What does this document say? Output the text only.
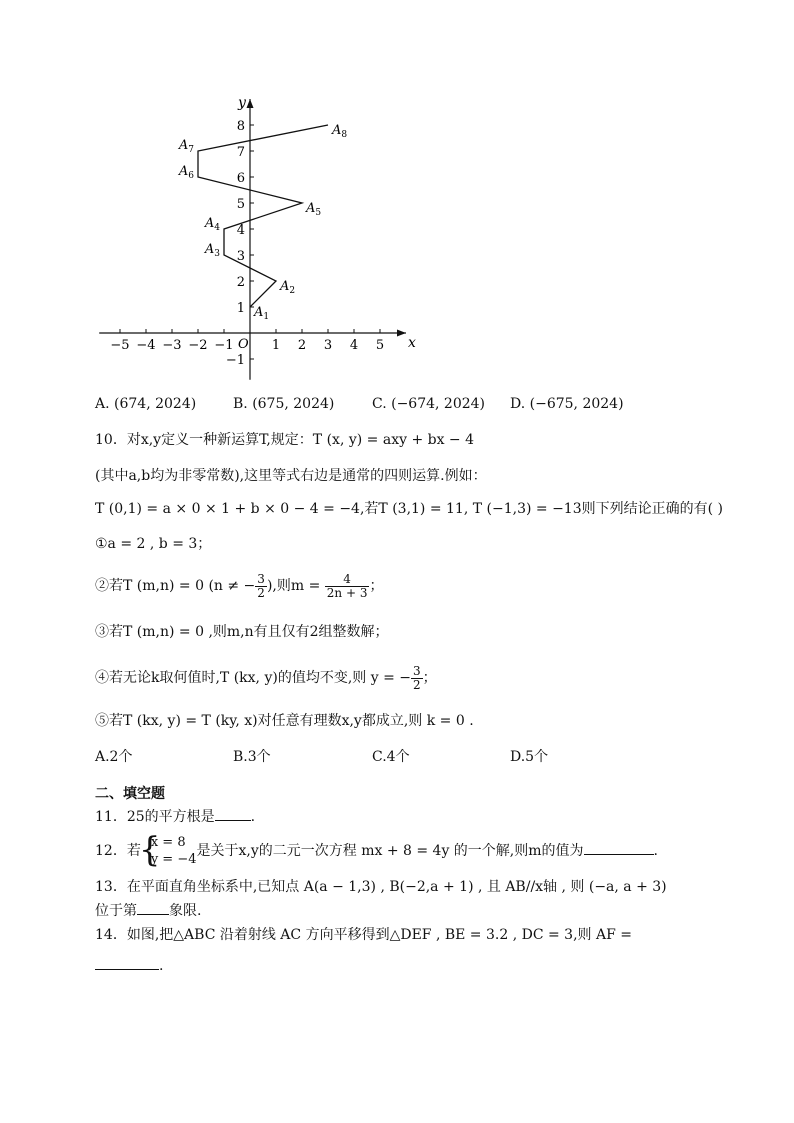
x
y
O
−5 −4 −3 −2 −1	1 2 3 4 5
−1
1
2
3
4
5
6
7
8
$A_1$
$A_2$
$A_3$
$A_4$
$A_5$
$A_6$
$A_7$
$A_8$
A. (674, 2024)	B. (675, 2024)	C. (−674, 2024) D. (−675, 2024)
10．对x,y定义一种新运算T,规定：T (x, y) = axy + bx − 4
(其中a,b均为非零常数),这里等式右边是通常的四则运算.例如：
T (0,1) = a × 0 × 1 + b × 0 − 4 = −4,若T (3,1) = 11, T (−1,3) = −13则下列结论正确的有( )
①a = 2 , b = 3；
②若T (m,n) = 0 (n ≠ − $\frac{3}{2}$ ),则$m = \frac{4}{2n + 3}$ ；
③若T (m,n) = 0 ,则m,n有且仅有2组整数解；
④若无论k取何值时,T (kx, y)的值均不变,则 y = − $\frac{3}{2}$ ；
⑤若T (kx, y) = T (ky, x)对任意有理数x,y都成立,则 k = 0 .
A.2个	B.3个	C.4个	D.5个
二、填空题
11．25的平方根是	.
12．若
{
x = 8
y = −4
是关于x,y的二元一次方程 mx + 8 = 4y 的一个解,则m的值为	.
13．在平面直角坐标系中,已知点 A(a − 1,3) , B(−2,a + 1) , 且 AB//x轴 , 则 (−a, a + 3)
位于第 象限.
14．如图,把△ABC 沿着射线 AC 方向平移得到△DEF , BE = 3.2 , DC = 3,则 AF =
.
